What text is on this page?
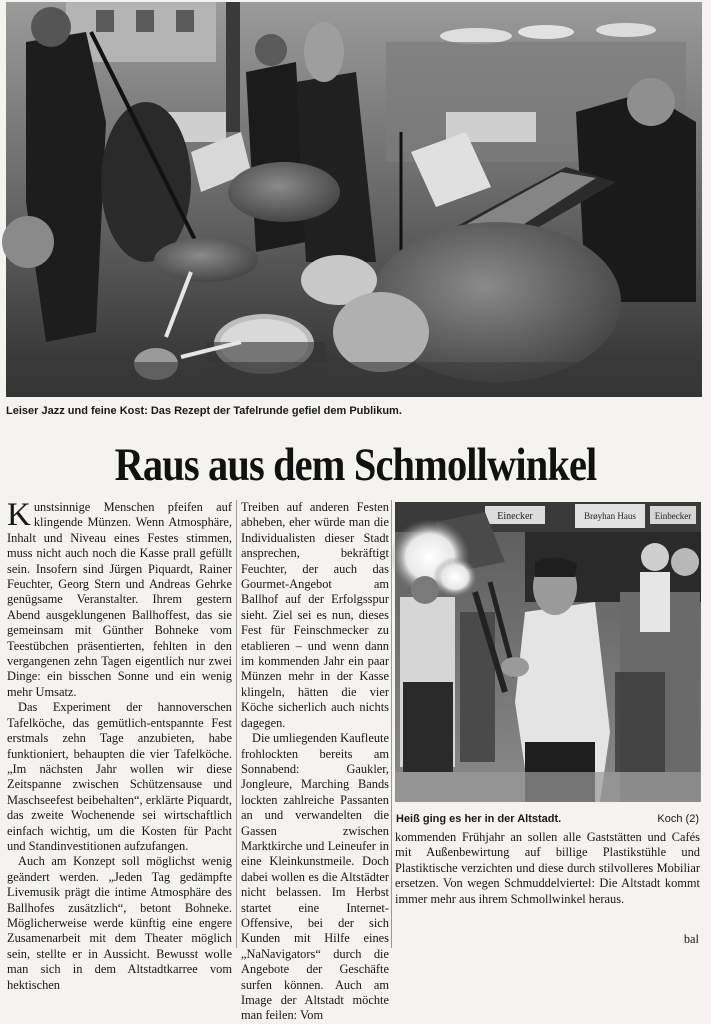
Leiser Jazz und feine Kost: Das Rezept der Tafelrunde gefiel dem Publikum.
Raus aus dem Schmollwinkel

Kunstsinnige Menschen pfeifen auf klingende Münzen. Wenn Atmosphäre, Inhalt und Niveau eines Festes stimmen, muss nicht auch noch die Kasse prall gefüllt sein. Insofern sind Jürgen Piquardt, Rainer Feuchter, Georg Stern und Andreas Gehrke genügsame Veranstalter. Ihrem gestern Abend ausgeklungenen Ballhoffest, das sie gemeinsam mit Günther Bohneke vom Teestübchen präsentierten, fehlten in den vergangenen zehn Tagen eigentlich nur zwei Dinge: ein bisschen Sonne und ein wenig mehr Umsatz.

Das Experiment der hannoverschen Tafelköche, das gemütlich-entspannte Fest erstmals zehn Tage anzubieten, habe funktioniert, behaupten die vier Tafelköche. „Im nächsten Jahr wollen wir diese Zeitspanne zwischen Schützensause und Maschseefest beibehalten“, erklärte Piquardt, das zweite Wochenende sei wirtschaftlich einfach wichtig, um die Kosten für Pacht und Standinvestitionen aufzufangen.

Auch am Konzept soll möglichst wenig geändert werden. „Jeden Tag gedämpfte Livemusik prägt die intime Atmosphäre des Ballhofes zusätzlich“, betont Bohneke. Möglicherweise werde künftig eine engere Zusamenarbeit mit dem Theater möglich sein, stellte er in Aussicht. Bewusst wolle man sich in dem Altstadtkarree vom hektischen

Treiben auf anderen Festen abheben, eher würde man die Individualisten dieser Stadt ansprechen, bekräftigt Feuchter, der auch das Gourmet-Angebot am Ballhof auf der Erfolgsspur sieht. Ziel sei es nun, dieses Fest für Feinschmecker zu etablieren – und wenn dann im kommenden Jahr ein paar Münzen mehr in der Kasse klingeln, hätten die vier Köche sicherlich auch nichts dagegen.

Die umliegenden Kaufleute frohlockten bereits am Sonnabend: Gaukler, Jongleure, Marching Bands lockten zahlreiche Passanten an und verwandelten die Gassen zwischen Marktkirche und Leineufer in eine Kleinkunstmeile. Doch dabei wollen es die Altstädter nicht belassen. Im Herbst startet eine Internet-Offensive, bei der sich Kunden mit Hilfe eines „NaNavigators“ durch die Angebote der Geschäfte surfen können. Auch am Image der Altstadt möchte man feilen: Vom

Einecker	Brøyhan Haus Einbecker
Heiß ging es her in der Altstadt.	Koch (2)

kommenden Frühjahr an sollen alle Gaststätten und Cafés mit Außenbewirtung auf billige Plastikstühle und Plastiktische verzichten und diese durch stilvolleres Mobiliar ersetzen. Von wegen Schmuddelviertel: Die Altstadt kommt immer mehr aus ihrem Schmollwinkel heraus.

bal
